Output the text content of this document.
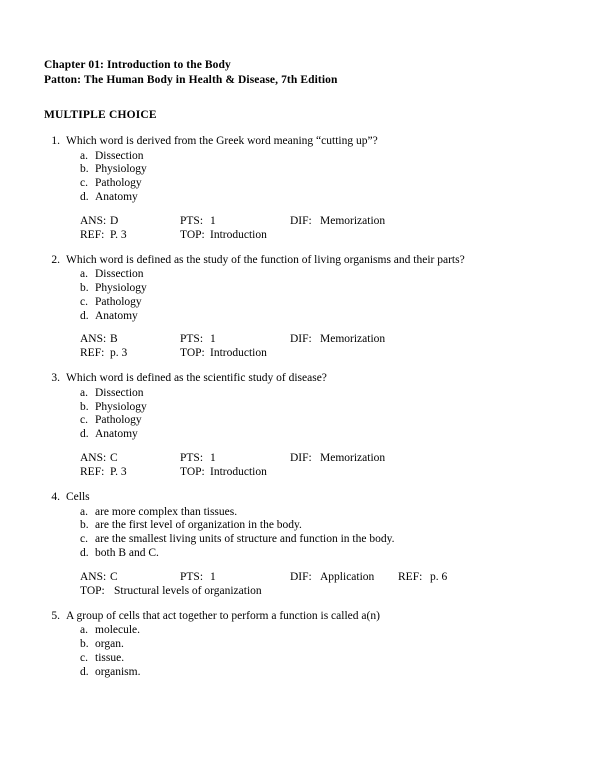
Chapter 01: Introduction to the Body
Patton: The Human Body in Health & Disease, 7th Edition
MULTIPLE CHOICE
1. Which word is derived from the Greek word meaning “cutting up”?
a. Dissection
b. Physiology
c. Pathology
d. Anatomy
ANS: D	PTS: 1	DIF: Memorization
REF: P. 3	TOP: Introduction
2. Which word is defined as the study of the function of living organisms and their parts?
a. Dissection
b. Physiology
c. Pathology
d. Anatomy
ANS: B	PTS: 1	DIF: Memorization
REF: p. 3	TOP: Introduction
3. Which word is defined as the scientific study of disease?
a. Dissection
b. Physiology
c. Pathology
d. Anatomy
ANS: C	PTS: 1	DIF: Memorization
REF: P. 3	TOP: Introduction
4. Cells
a. are more complex than tissues.
b. are the first level of organization in the body.
c. are the smallest living units of structure and function in the body.
d. both B and C.
ANS: C	PTS: 1	DIF: Application	REF: p. 6
TOP: Structural levels of organization
5. A group of cells that act together to perform a function is called a(n)
a. molecule.
b. organ.
c. tissue.
d. organism.
